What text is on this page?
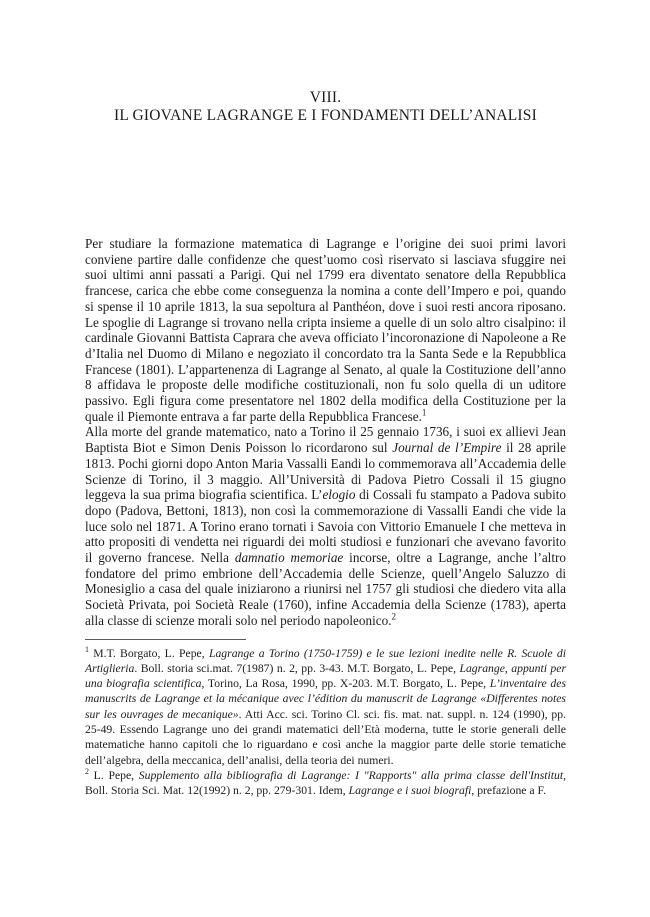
VIII.
IL GIOVANE LAGRANGE E I FONDAMENTI DELL’ANALISI

Per studiare la formazione matematica di Lagrange e l’origine dei suoi primi lavori conviene partire dalle confidenze che quest’uomo così riservato si lasciava sfuggire nei suoi ultimi anni passati a Parigi. Qui nel 1799 era diventato senatore della Repubblica francese, carica che ebbe come conseguenza la nomina a conte dell’Impero e poi, quando si spense il 10 aprile 1813, la sua sepoltura al Panthéon, dove i suoi resti ancora riposano. Le spoglie di Lagrange si trovano nella cripta insieme a quelle di un solo altro cisalpino: il cardinale Giovanni Battista Caprara che aveva officiato l’incoronazione di Napoleone a Re d’Italia nel Duomo di Milano e negoziato il concordato tra la Santa Sede e la Repubblica Francese (1801). L’appartenenza di Lagrange al Senato, al quale la Costituzione dell’anno 8 affidava le proposte delle modifiche costituzionali, non fu solo quella di un uditore passivo. Egli figura come presentatore nel 1802 della modifica della Costituzione per la quale il Piemonte entrava a far parte della Repubblica Francese.$^1$

Alla morte del grande matematico, nato a Torino il 25 gennaio 1736, i suoi ex allievi Jean Baptista Biot e Simon Denis Poisson lo ricordarono sul Journal de l’Empire il 28 aprile 1813. Pochi giorni dopo Anton Maria Vassalli Eandi lo commemorava all’Accademia delle Scienze di Torino, il 3 maggio. All’Università di Padova Pietro Cossali il 15 giugno leggeva la sua prima biografia scientifica. L’elogio di Cossali fu stampato a Padova subito dopo (Padova, Bettoni, 1813), non così la commemorazione di Vassalli Eandi che vide la luce solo nel 1871. A Torino erano tornati i Savoia con Vittorio Emanuele I che metteva in atto propositi di vendetta nei riguardi dei molti studiosi e funzionari che avevano favorito il governo francese. Nella damnatio memoriae incorse, oltre a Lagrange, anche l’altro fondatore del primo embrione dell’Accademia delle Scienze, quell’Angelo Saluzzo di Monesiglio a casa del quale iniziarono a riunirsi nel 1757 gli studiosi che diedero vita alla Società Privata, poi Società Reale (1760), infine Accademia della Scienze (1783), aperta alla classe di scienze morali solo nel periodo napoleonico.$^2$

$^1$ M.T. Borgato, L. Pepe, Lagrange a Torino (1750-1759) e le sue lezioni inedite nelle R. Scuole di Artiglieria. Boll. storia sci.mat. 7(1987) n. 2, pp. 3-43. M.T. Borgato, L. Pepe, Lagrange, appunti per una biografia scientifica, Torino, La Rosa, 1990, pp. X-203. M.T. Borgato, L. Pepe, L’inventaire des manuscrits de Lagrange et la mécanique avec l’édition du manuscrit de Lagrange «Differentes notes sur les ouvrages de mecanique». Atti Acc. sci. Torino Cl. sci. fis. mat. nat. suppl. n. 124 (1990), pp. 25-49. Essendo Lagrange uno dei grandi matematici dell’Età moderna, tutte le storie generali delle matematiche hanno capitoli che lo riguardano e così anche la maggior parte delle storie tematiche dell’algebra, della meccanica, dell’analisi, della teoria dei numeri.

$^2$ L. Pepe, Supplemento alla bibliografia di Lagrange: I "Rapports" alla prima classe dell'Institut, Boll. Storia Sci. Mat. 12(1992) n. 2, pp. 279-301. Idem, Lagrange e i suoi biografi, prefazione a F.
